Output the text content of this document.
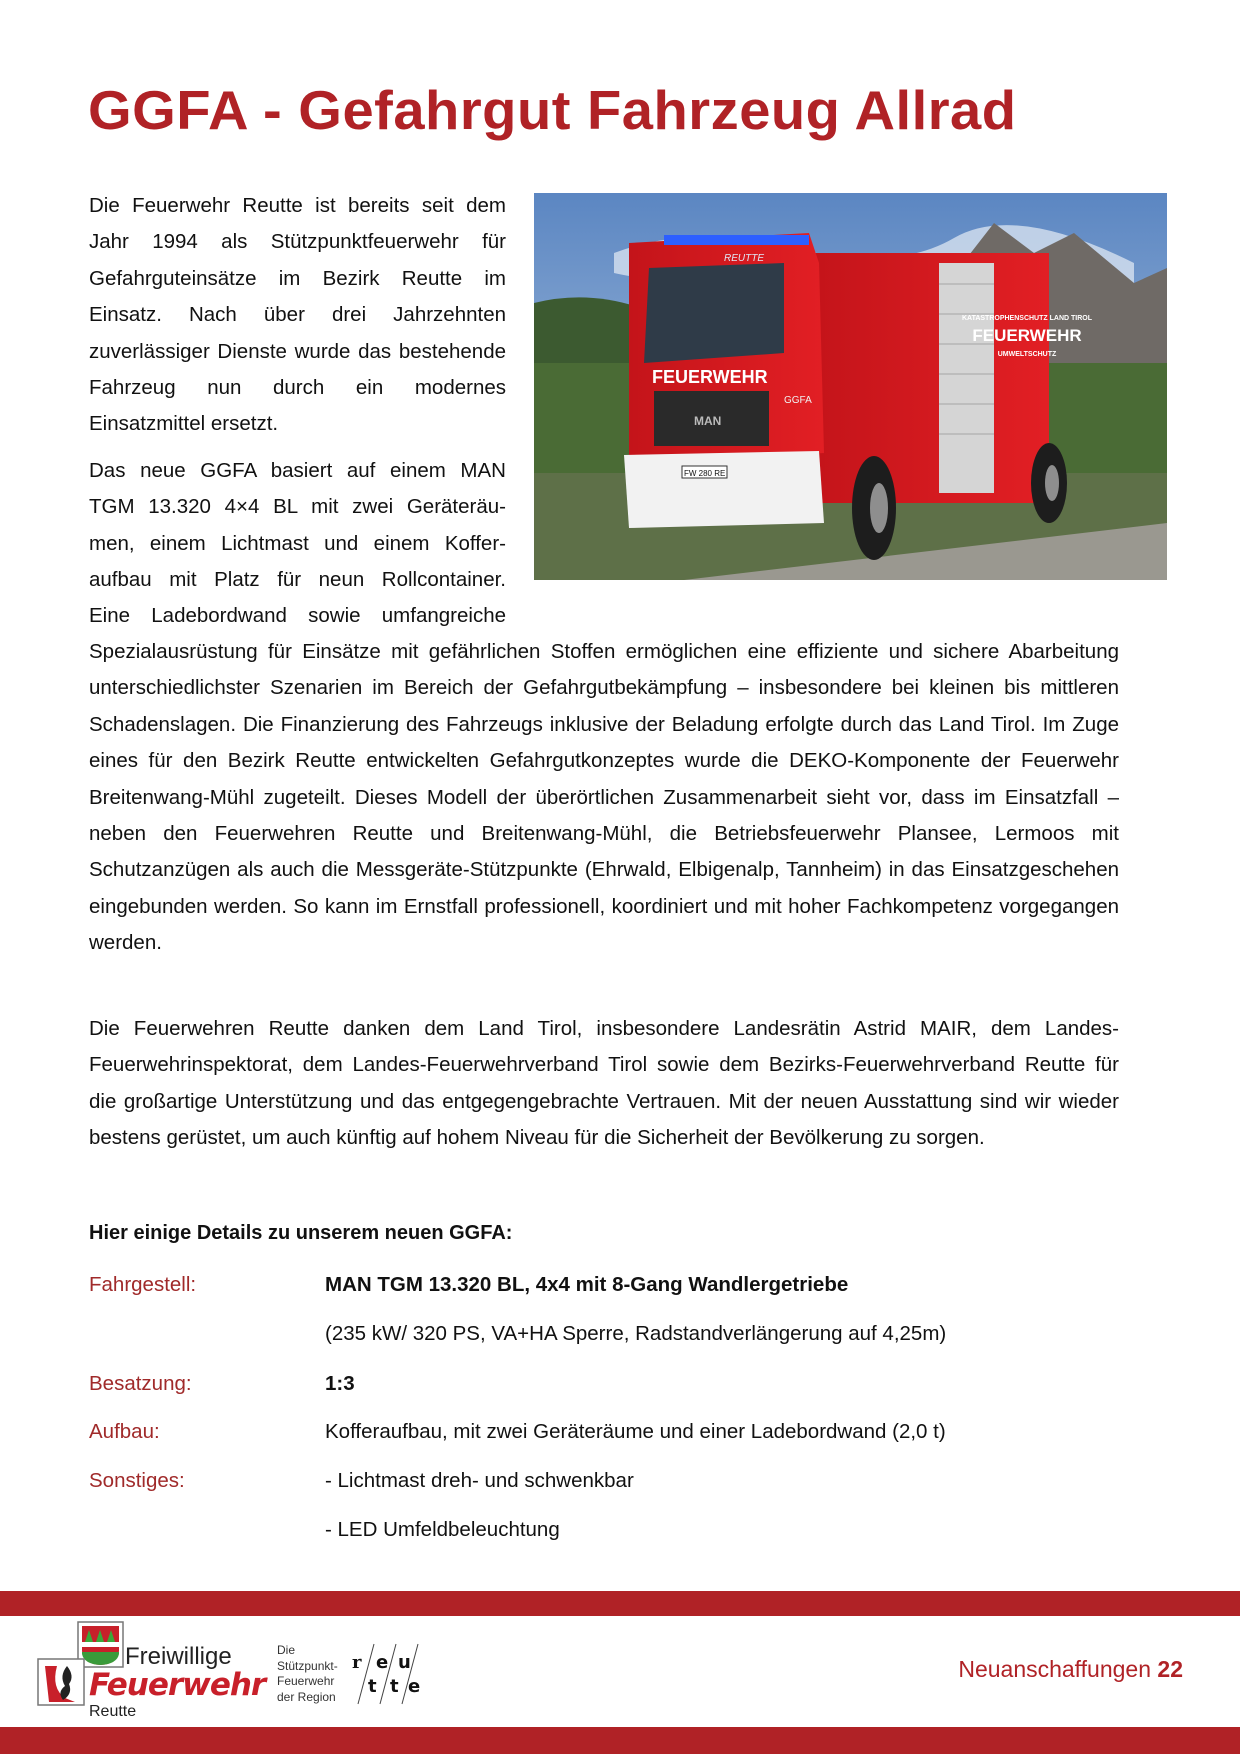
GGFA - Gefahrgut Fahrzeug Allrad

Die Feuerwehr Reutte ist bereits seit dem Jahr 1994 als Stützpunktfeuerwehr für Gefahrguteinsätze im Bezirk Reutte im Einsatz. Nach über drei Jahrzehnten zuverlässiger Dienste wurde das bestehende Fahrzeug nun durch ein modernes Einsatzmittel ersetzt.

Das neue GGFA basiert auf einem MAN
TGM 13.320 4×4 BL mit zwei Geräteräu-
men, einem Lichtmast und einem Koffer-
aufbau mit Platz für neun Rollcontainer.
Eine Ladebordwand sowie umfangreiche
KATASTROPHENSCHUTZ LAND TIROL
FEUERWEHR
UMWELTSCHUTZ
REUTTE
FEUERWEHR
MAN
FW 280 RE
GGFA
Spezialausrüstung für Einsätze mit gefährlichen Stoffen ermöglichen eine effiziente und sichere Abarbeitung unterschiedlichster Szenarien im Bereich der Gefahrgutbekämpfung – insbesondere bei kleinen bis mittleren Schadenslagen. Die Finanzierung des Fahrzeugs inklusive der Beladung erfolgte durch das Land Tirol. Im Zuge eines für den Bezirk Reutte entwickelten Gefahrgutkonzeptes wurde die DEKO-Komponente der Feuerwehr Breitenwang-Mühl zugeteilt. Dieses Modell der überörtlichen Zusammenarbeit sieht vor, dass im Einsatzfall – neben den Feuerwehren Reutte und Breitenwang-Mühl, die Betriebsfeuerwehr Plansee, Lermoos mit Schutzanzügen als auch die Messgeräte-Stützpunkte (Ehrwald, Elbigenalp, Tannheim) in das Einsatzgeschehen eingebunden werden. So kann im Ernstfall professionell, koordiniert und mit hoher Fachkompetenz vorgegangen werden.
Die Feuerwehren Reutte danken dem Land Tirol, insbesondere Landesrätin Astrid MAIR, dem Landes-Feuerwehrinspektorat, dem Landes-Feuerwehrverband Tirol sowie dem Bezirks-Feuerwehrverband Reutte für die großartige Unterstützung und das entgegengebrachte Vertrauen. Mit der neuen Ausstattung sind wir wieder bestens gerüstet, um auch künftig auf hohem Niveau für die Sicherheit der Bevölkerung zu sorgen.
Hier einige Details zu unserem neuen GGFA:
Fahrgestell:	MAN TGM 13.320 BL, 4x4 mit 8-Gang Wandlergetriebe
(235 kW/ 320 PS, VA+HA Sperre, Radstandverlängerung auf 4,25m)
Besatzung:	1:3
Aufbau:	Kofferaufbau, mit zwei Geräteräume und einer Ladebordwand (2,0 t)
Sonstiges:	- Lichtmast dreh- und schwenkbar
- LED Umfeldbeleuchtung
Freiwillige
Feuerwehr
Reutte
Die
Stützpunkt-
Feuerwehr
der Region
r e u
t t e
Neuanschaffungen 22
